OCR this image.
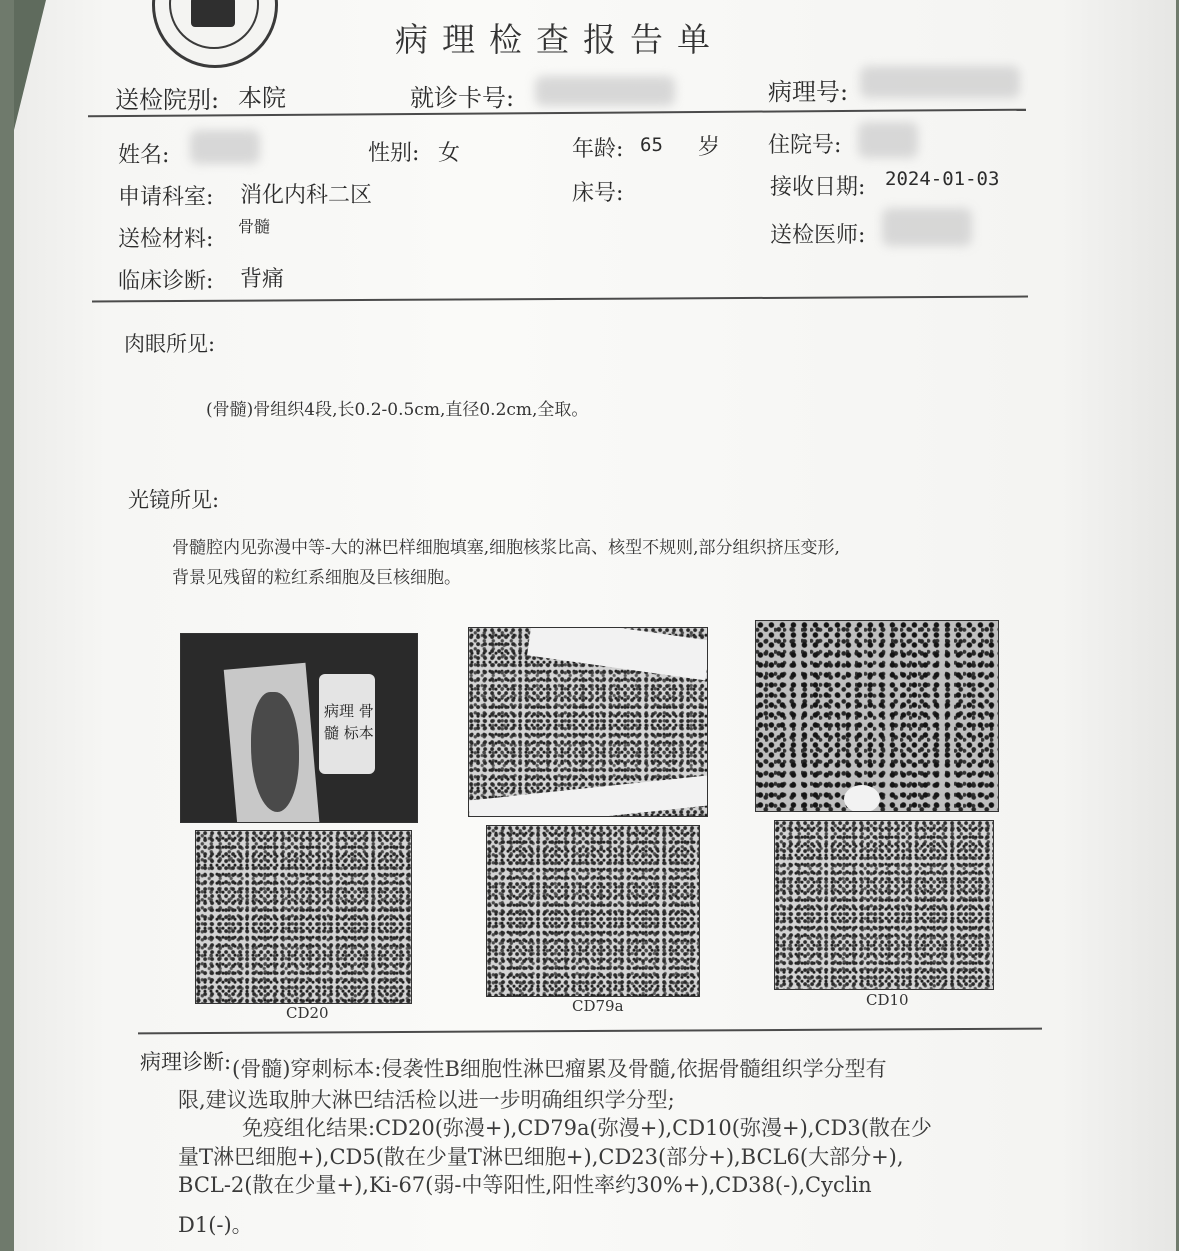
病理检查报告单
送检院别: 本院	就诊卡号:	病理号:
姓名:	性别: 女	年龄: 65 岁 住院号:
申请科室: 消化内科二区	床号:	接收日期: 2024-01-03
送检材料:
骨髓	送检医师:
临床诊断: 背痛
肉眼所见:
(骨髓)骨组织4段,长0.2-0.5cm,直径0.2cm,全取。
光镜所见:
骨髓腔内见弥漫中等-大的淋巴样细胞填塞,细胞核浆比高、核型不规则,部分组织挤压变形,
背景见残留的粒红系细胞及巨核细胞。
病理 骨髓 标本
CD20	CD79a	CD10
病理诊断: (骨髓)穿刺标本:侵袭性B细胞性淋巴瘤累及骨髓,依据骨髓组织学分型有
限,建议选取肿大淋巴结活检以进一步明确组织学分型;
免疫组化结果:CD20(弥漫+),CD79a(弥漫+),CD10(弥漫+),CD3(散在少
量T淋巴细胞+),CD5(散在少量T淋巴细胞+),CD23(部分+),BCL6(大部分+),
BCL-2(散在少量+),Ki-67(弱-中等阳性,阳性率约30%+),CD38(-),Cyclin
D1(-)。
